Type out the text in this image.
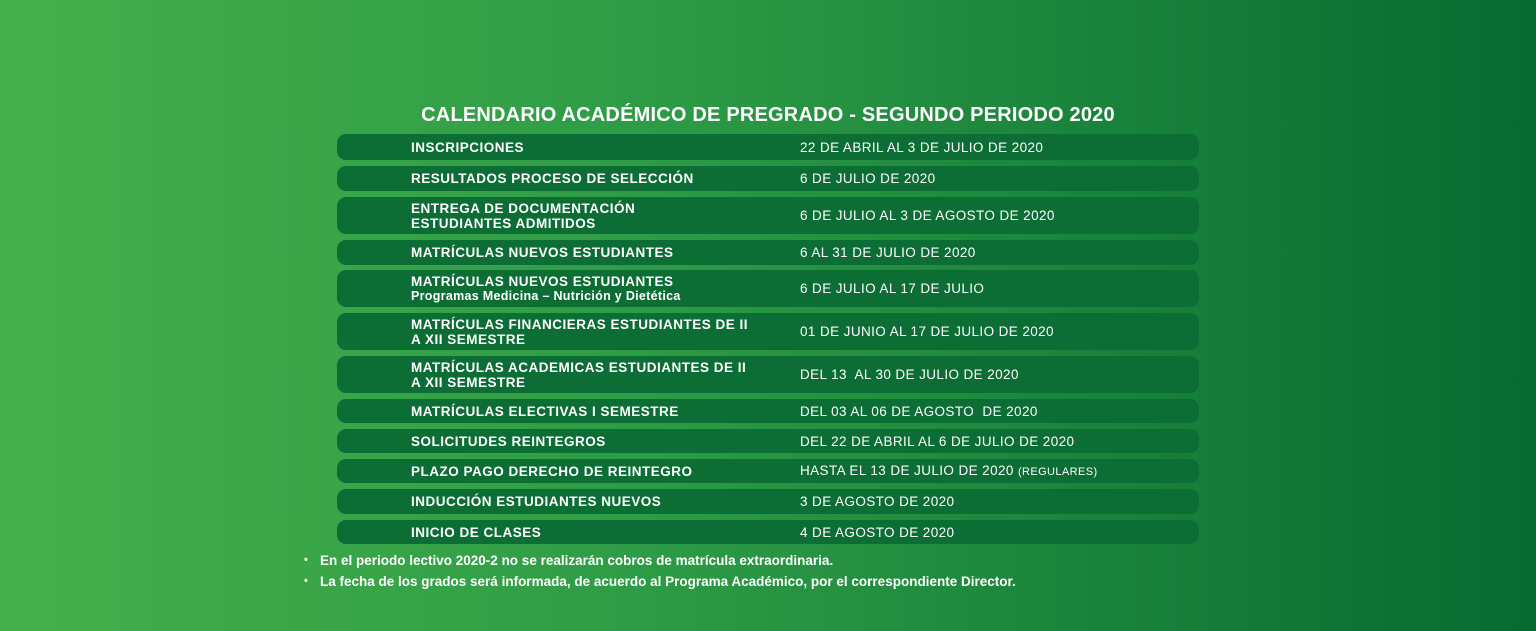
CALENDARIO ACADÉMICO DE PREGRADO - SEGUNDO PERIODO 2020
INSCRIPCIONES	22 DE ABRIL AL 3 DE JULIO DE 2020
RESULTADOS PROCESO DE SELECCIÓN	6 DE JULIO DE 2020
ENTREGA DE DOCUMENTACIÓN ESTUDIANTES ADMITIDOS	6 DE JULIO AL 3 DE AGOSTO DE 2020
MATRÍCULAS NUEVOS ESTUDIANTES	6 AL 31 DE JULIO DE 2020
MATRÍCULAS NUEVOS ESTUDIANTES
Programas Medicina – Nutrición y Dietética	6 DE JULIO AL 17 DE JULIO
MATRÍCULAS FINANCIERAS ESTUDIANTES DE II A XII SEMESTRE	01 DE JUNIO AL 17 DE JULIO DE 2020
MATRÍCULAS ACADEMICAS ESTUDIANTES DE II A XII SEMESTRE	DEL 13  AL 30 DE JULIO DE 2020
MATRÍCULAS ELECTIVAS I SEMESTRE	DEL 03 AL 06 DE AGOSTO  DE 2020
SOLICITUDES REINTEGROS	DEL 22 DE ABRIL AL 6 DE JULIO DE 2020
PLAZO PAGO DERECHO DE REINTEGRO	HASTA EL 13 DE JULIO DE 2020 (REGULARES)
INDUCCIÓN ESTUDIANTES NUEVOS	3 DE AGOSTO DE 2020
INICIO DE CLASES	4 DE AGOSTO DE 2020
• En el periodo lectivo 2020-2 no se realizarán cobros de matrícula extraordinaria.
• La fecha de los grados será informada, de acuerdo al Programa Académico, por el correspondiente Director.
